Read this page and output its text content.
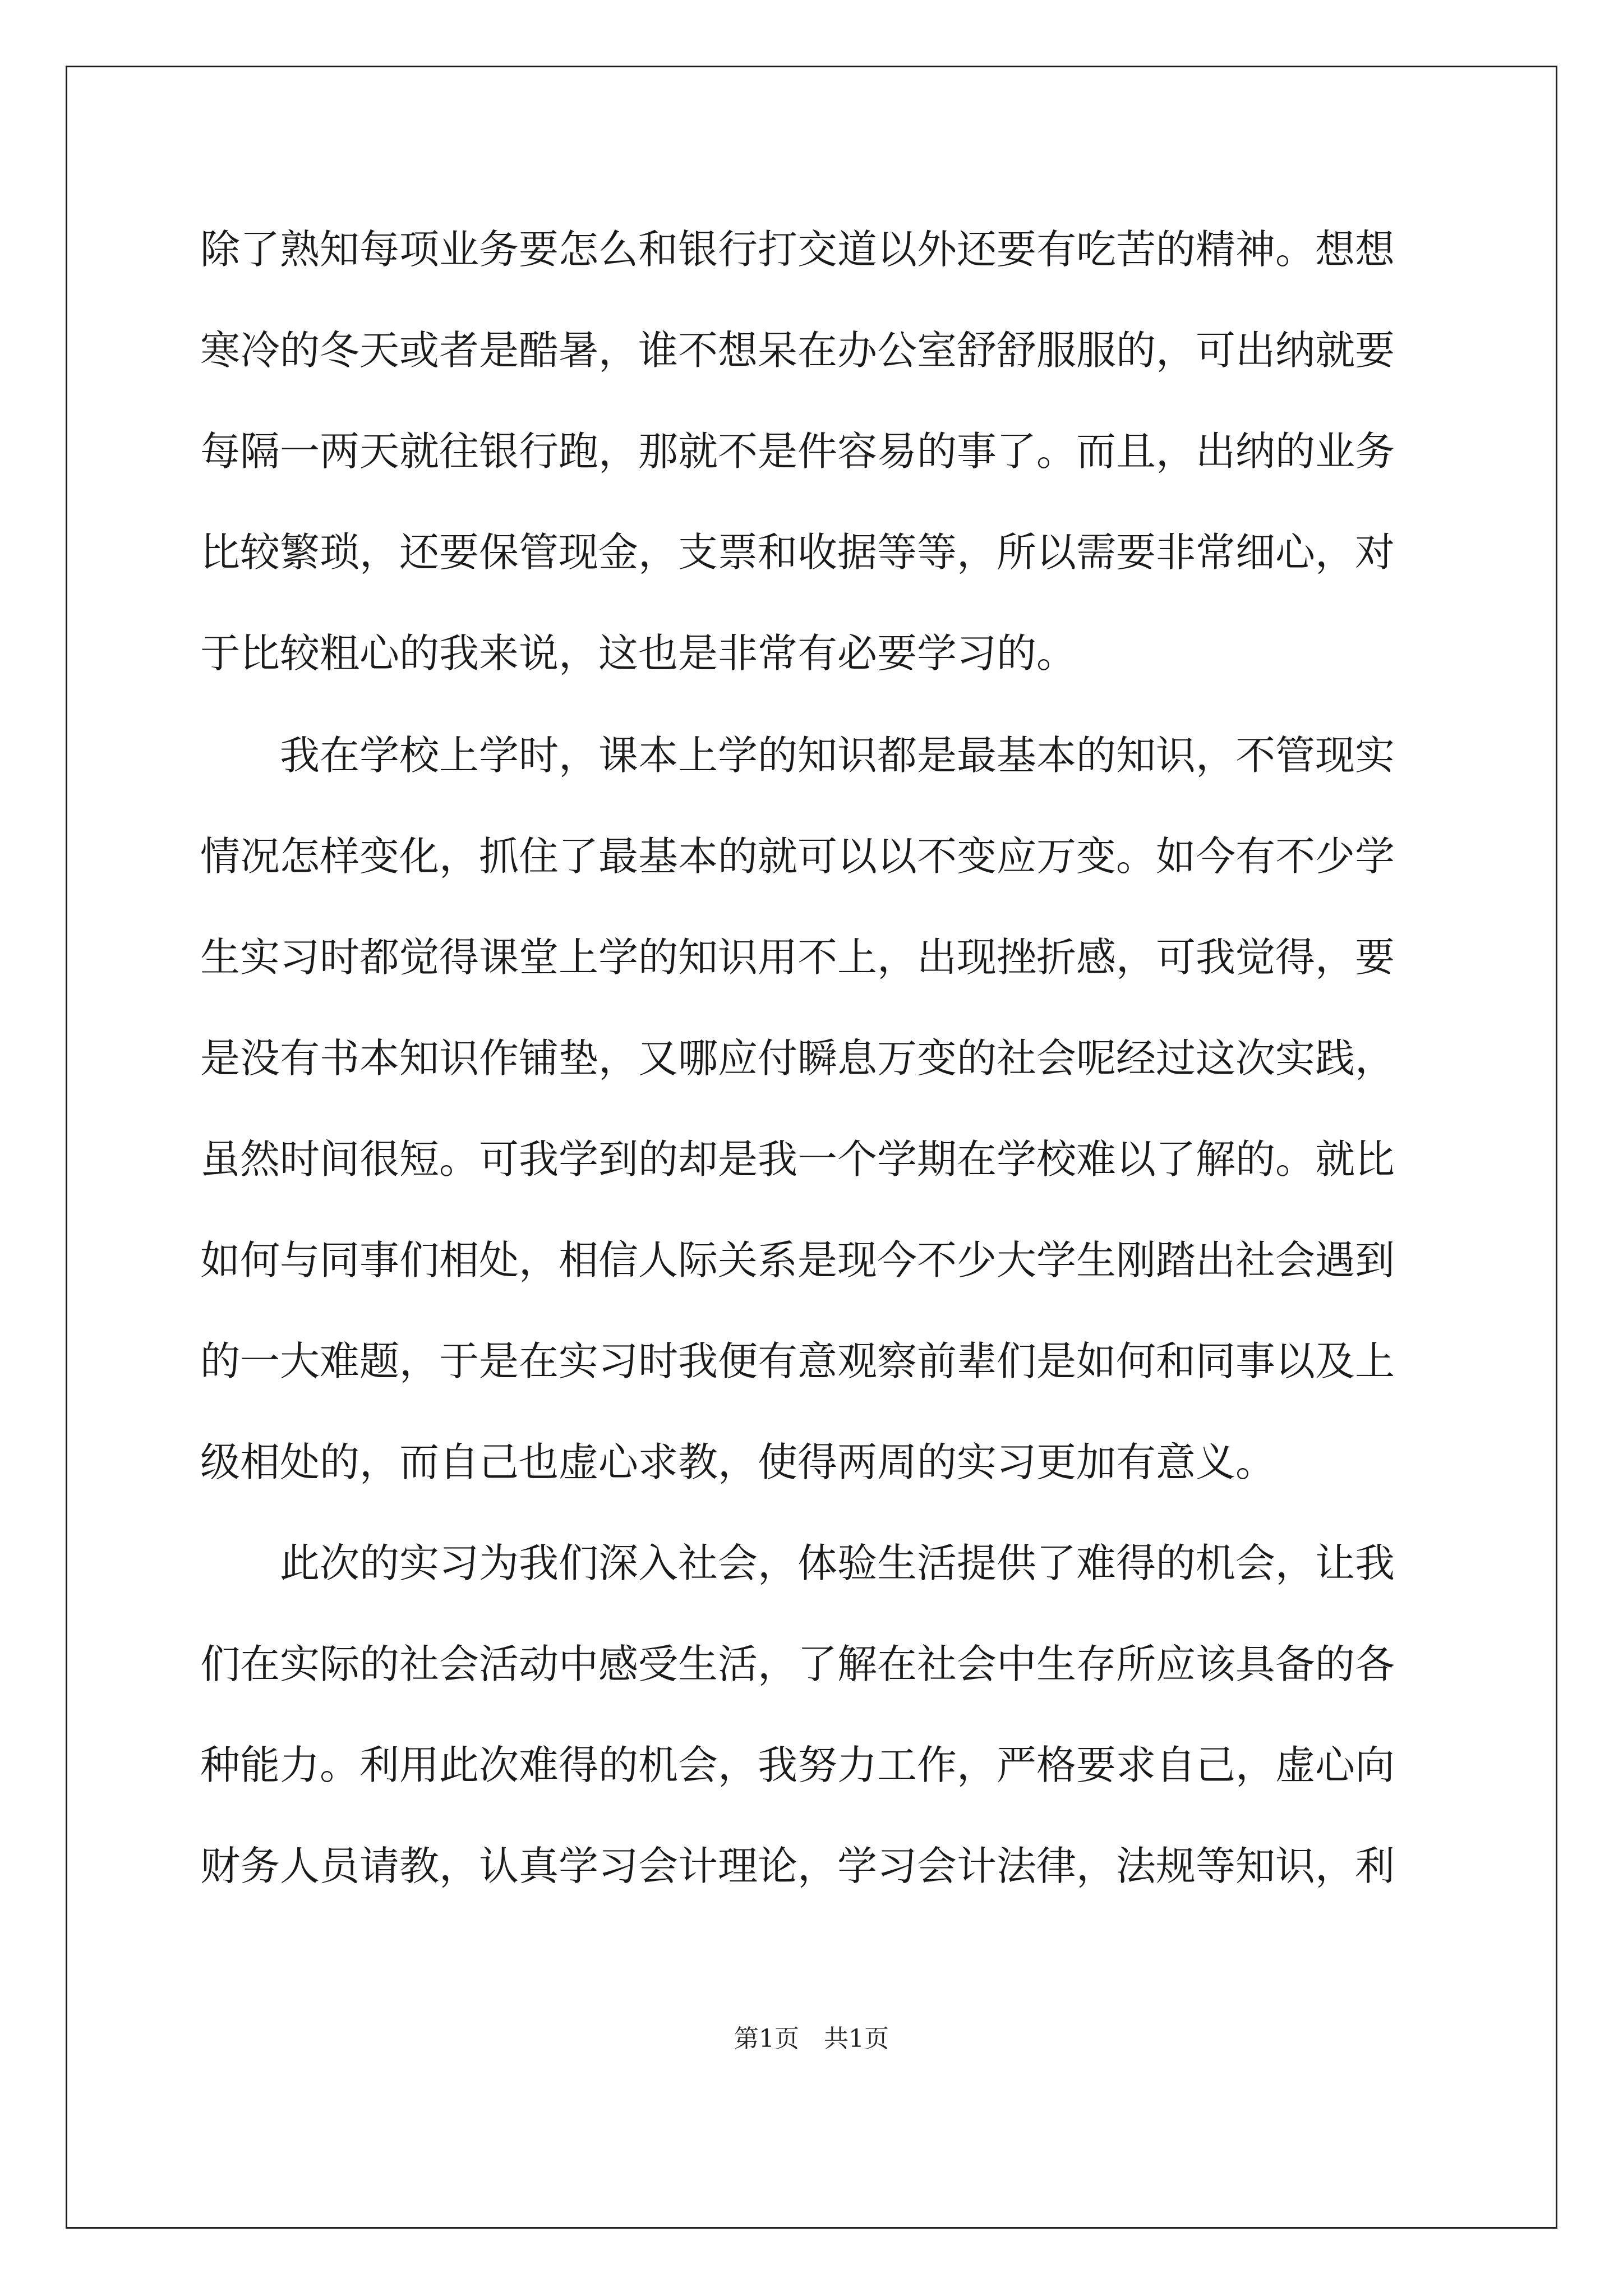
除了熟知每项业务要怎么和银行打交道以外还要有吃苦的精神。想想
寒冷的冬天或者是酷暑，谁不想呆在办公室舒舒服服的，可出纳就要
每隔一两天就往银行跑，那就不是件容易的事了。而且，出纳的业务
比较繁琐，还要保管现金，支票和收据等等，所以需要非常细心，对
于比较粗心的我来说，这也是非常有必要学习的。
　　我在学校上学时，课本上学的知识都是最基本的知识，不管现实
情况怎样变化，抓住了最基本的就可以以不变应万变。如今有不少学
生实习时都觉得课堂上学的知识用不上，出现挫折感，可我觉得，要
是没有书本知识作铺垫，又哪应付瞬息万变的社会呢经过这次实践，
虽然时间很短。可我学到的却是我一个学期在学校难以了解的。就比
如何与同事们相处，相信人际关系是现今不少大学生刚踏出社会遇到
的一大难题，于是在实习时我便有意观察前辈们是如何和同事以及上
级相处的，而自己也虚心求教，使得两周的实习更加有意义。
　　此次的实习为我们深入社会，体验生活提供了难得的机会，让我
们在实际的社会活动中感受生活，了解在社会中生存所应该具备的各
种能力。利用此次难得的机会，我努力工作，严格要求自己，虚心向
财务人员请教，认真学习会计理论，学习会计法律，法规等知识，利
第1页　共1页
